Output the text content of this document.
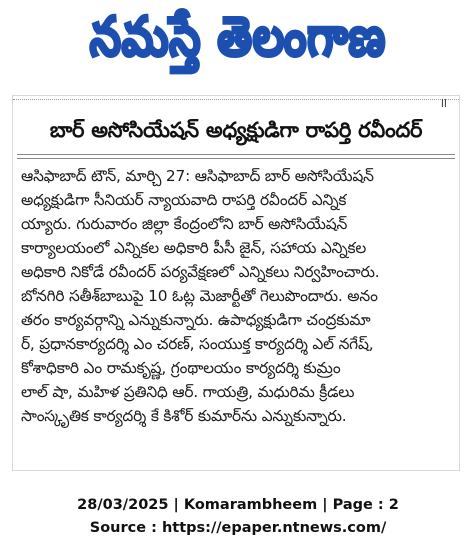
నమస్తే తెలంగాణ
ll
బార్ అసోసియేషన్ అధ్యక్షుడిగా రాపర్తి రవీందర్
ఆసిఫాబాద్ టౌన్, మార్చి 27: ఆసిఫాబాద్ బార్ అసోసియేషన్
అధ్యక్షుడిగా సీనియర్ న్యాయవాది రాపర్తి రవీందర్ ఎన్నిక
య్యారు. గురువారం జిల్లా కేంద్రంలోని బార్ అసోసియేషన్
కార్యాలయంలో ఎన్నికల అధికారి పీసీ జైన్, సహాయ ఎన్నికల
అధికారి నికోడే రవీందర్ పర్యవేక్షణలో ఎన్నికలు నిర్వహించారు.
బోనగిరి సతీశ్‌బాబుపై 10 ఓట్ల మెజార్టీతో గెలుపొందారు. అనం
తరం కార్యవర్గాన్ని ఎన్నుకున్నారు. ఉపాధ్యక్షుడిగా చంద్రకుమా
ర్, ప్రధానకార్యదర్శి ఎం చరణ్, సంయుక్త కార్యదర్శి ఎల్ నగేష్,
కోశాధికారి ఎం రామకృష్ణ, గ్రంథాలయం కార్యదర్శి కుమ్రం
లాల్ షా, మహిళ ప్రతినిధి ఆర్. గాయత్రి, మధురిమ క్రీడలు
సాంస్కృతిక కార్యదర్శి కే కిశోర్ కుమార్‌ను ఎన్నుకున్నారు.
28/03/2025 | Komarambheem | Page : 2
Source : https://epaper.ntnews.com/
